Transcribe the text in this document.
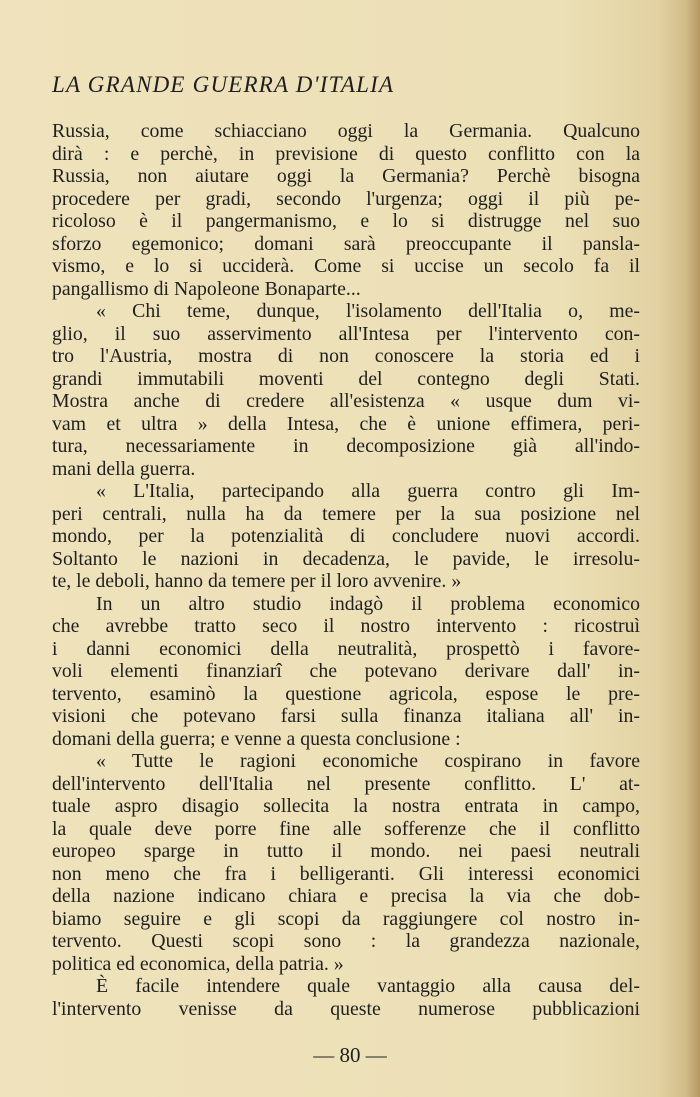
LA GRANDE GUERRA D'ITALIA

Russia, come schiacciano oggi la Germania. Qualcuno
dirà : e perchè, in previsione di questo conflitto con la
Russia, non aiutare oggi la Germania? Perchè bisogna
procedere per gradi, secondo l'urgenza; oggi il più pe-
ricoloso è il pangermanismo, e lo si distrugge nel suo
sforzo egemonico; domani sarà preoccupante il pansla-
vismo, e lo si ucciderà. Come si uccise un secolo fa il
pangallismo di Napoleone Bonaparte...

« Chi teme, dunque, l'isolamento dell'Italia o, me-
glio, il suo asservimento all'Intesa per l'intervento con-
tro l'Austria, mostra di non conoscere la storia ed i
grandi immutabili moventi del contegno degli Stati.
Mostra anche di credere all'esistenza « usque dum vi-
vam et ultra » della Intesa, che è unione effimera, peri-
tura, necessariamente in decomposizione già all'indo-
mani della guerra.

« L'Italia, partecipando alla guerra contro gli Im-
peri centrali, nulla ha da temere per la sua posizione nel
mondo, per la potenzialità di concludere nuovi accordi.
Soltanto le nazioni in decadenza, le pavide, le irresolu-
te, le deboli, hanno da temere per il loro avvenire. »

In un altro studio indagò il problema economico
che avrebbe tratto seco il nostro intervento : ricostruì
i danni economici della neutralità, prospettò i favore-
voli elementi finanziarî che potevano derivare dall' in-
tervento, esaminò la questione agricola, espose le pre-
visioni che potevano farsi sulla finanza italiana all' in-
domani della guerra; e venne a questa conclusione :

« Tutte le ragioni economiche cospirano in favore
dell'intervento dell'Italia nel presente conflitto. L' at-
tuale aspro disagio sollecita la nostra entrata in campo,
la quale deve porre fine alle sofferenze che il conflitto
europeo sparge in tutto il mondo. nei paesi neutrali
non meno che fra i belligeranti. Gli interessi economici
della nazione indicano chiara e precisa la via che dob-
biamo seguire e gli scopi da raggiungere col nostro in-
tervento. Questi scopi sono : la grandezza nazionale,
politica ed economica, della patria. »

È facile intendere quale vantaggio alla causa del-
l'intervento venisse da queste numerose pubblicazioni

— 80 —
